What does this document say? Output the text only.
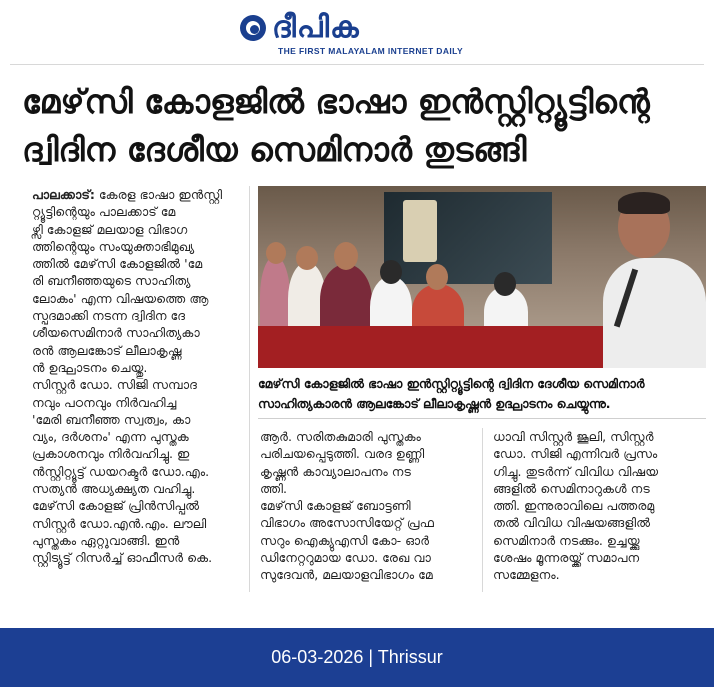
ദീപിക
THE FIRST MALAYALAM INTERNET DAILY
മേഴ്‌സി കോളജിൽ ഭാഷാ ഇൻസ്റ്റിറ്റ്യൂട്ടിന്റെ
ദ്വിദിന ദേശീയ സെമിനാർ തുടങ്ങി

പാലക്കാട്: കേരള ഭാഷാ ഇൻസ്റ്റി
റ്റ്യൂട്ടിന്റെയും പാലക്കാട് മേ
ഴ്സി കോളജ് മലയാള വിഭാഗ
ത്തിന്റെയും സംയുക്താഭിമുഖ്യ
ത്തിൽ മേഴ്‌സി കോളജിൽ 'മേ
രി ബനീഞ്ഞയുടെ സാഹിത്യ
ലോകം' എന്ന വിഷയത്തെ ആ
സ്പദമാക്കി നടന്ന ദ്വിദിന ദേ
ശീയസെമിനാർ സാഹിത്യകാ
രൻ ആലങ്കോട് ലീലാകൃഷ്ണ
ൻ ഉദ്ഘാടനം ചെയ്തു.
സിസ്റ്റർ ഡോ. സിജി സമ്പാദ
നവും പഠനവും നിർവഹിച്ച
'മേരി ബനീഞ്ഞ സ്വത്വം, കാ
വ്യം, ദർശനം' എന്ന പുസ്തക
പ്രകാശനവും നിർവഹിച്ചു. ഇ
ൻസ്റ്റിറ്റ്യൂട്ട് ഡയറക്ടർ ഡോ.എം.
സത്യൻ അധ്യക്ഷ്യത വഹിച്ചു.
മേഴ്‌സി കോളജ് പ്രിൻസിപ്പൽ
സിസ്റ്റർ ഡോ.എൻ.എം. ലൗലി
പുസ്തകം ഏറ്റുവാങ്ങി. ഇൻ
സ്റ്റിട്യൂട്ട് റിസർച്ച് ഓഫീസർ കെ.

മേഴ്‌സി കോളജിൽ ഭാഷാ ഇൻസ്റ്റിറ്റ്യൂട്ടിന്റെ ദ്വിദിന ദേശീയ സെമിനാർ
സാഹിത്യകാരൻ ആലങ്കോട് ലീലാകൃഷ്ണൻ ഉദ്ഘാടനം ചെയ്യുന്നു.

ആർ. സരിതകുമാരി പുസ്തകം
പരിചയപ്പെടുത്തി. വരദ ഉണ്ണി
കൃഷ്ണൻ കാവ്യാലാപനം നട
ത്തി.
മേഴ്‌സി കോളജ് ബോട്ടണി
വിഭാഗം അസോസിയേറ്റ് പ്രഫ
സറും ഐക്യുഎസി കോ- ഓർ
ഡിനേറ്ററുമായ ഡോ. രേഖ വാ
സുദേവൻ, മലയാളവിഭാഗം മേ

ധാവി സിസ്റ്റർ ജൂലി, സിസ്റ്റർ
ഡോ. സിജി എന്നിവർ പ്രസം
ഗിച്ചു. തുടർന്ന് വിവിധ വിഷയ
ങ്ങളിൽ സെമിനാറുകൾ നട
ത്തി. ഇന്നുരാവിലെ പത്തരമു
തൽ വിവിധ വിഷയങ്ങളിൽ
സെമിനാർ നടക്കും. ഉച്ചയ്ക്കു
ശേഷം മൂന്നരയ്ക്ക് സമാപന
സമ്മേളനം.

06-03-2026 | Thrissur
